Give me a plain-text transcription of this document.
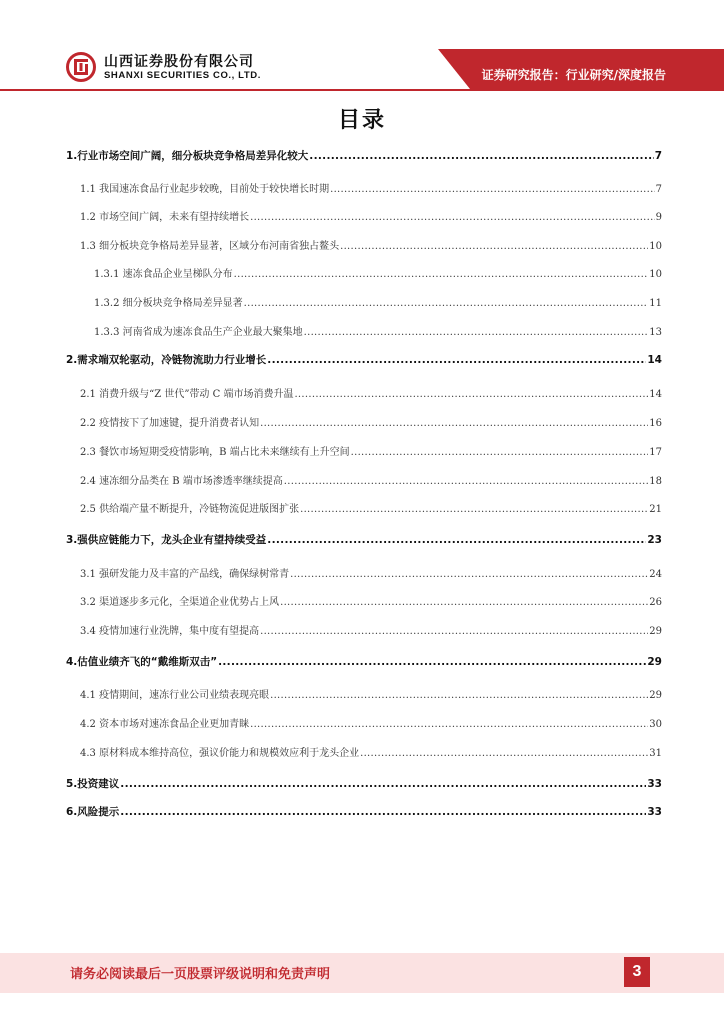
山西证券股份有限公司
SHANXI SECURITIES CO., LTD.	证券研究报告：行业研究/深度报告
目录
1.行业市场空间广阔，细分板块竞争格局差异化较大 .....	7
1.1 我国速冻食品行业起步较晚，目前处于较快增长时期 .....	7
1.2 市场空间广阔，未来有望持续增长 .....	9
1.3 细分板块竞争格局差异显著，区域分布河南省独占鳌头 .....	10
1.3.1 速冻食品企业呈梯队分布 .....	10
1.3.2 细分板块竞争格局差异显著 .....	11
1.3.3 河南省成为速冻食品生产企业最大聚集地 .....	13
2.需求端双轮驱动，冷链物流助力行业增长 .....	14
2.1 消费升级与“Z 世代”带动 C 端市场消费升温 .....	14
2.2 疫情按下了加速键，提升消费者认知 .....	16
2.3 餐饮市场短期受疫情影响，B 端占比未来继续有上升空间 .....	17
2.4 速冻细分品类在 B 端市场渗透率继续提高 .....	18
2.5 供给端产量不断提升，冷链物流促进版图扩张 .....	21
3.强供应链能力下，龙头企业有望持续受益 .....	23
3.1 强研发能力及丰富的产品线，确保绿树常青 .....	24
3.2 渠道逐步多元化，全渠道企业优势占上风 .....	26
3.4 疫情加速行业洗牌，集中度有望提高 .....	29
4.估值业绩齐飞的“戴维斯双击” .....	29
4.1 疫情期间，速冻行业公司业绩表现亮眼 .....	29
4.2 资本市场对速冻食品企业更加青睐 .....	30
4.3 原材料成本维持高位，强议价能力和规模效应利于龙头企业 .....	31
5.投资建议 .....	33
6.风险提示 .....	33
请务必阅读最后一页股票评级说明和免责声明	3
